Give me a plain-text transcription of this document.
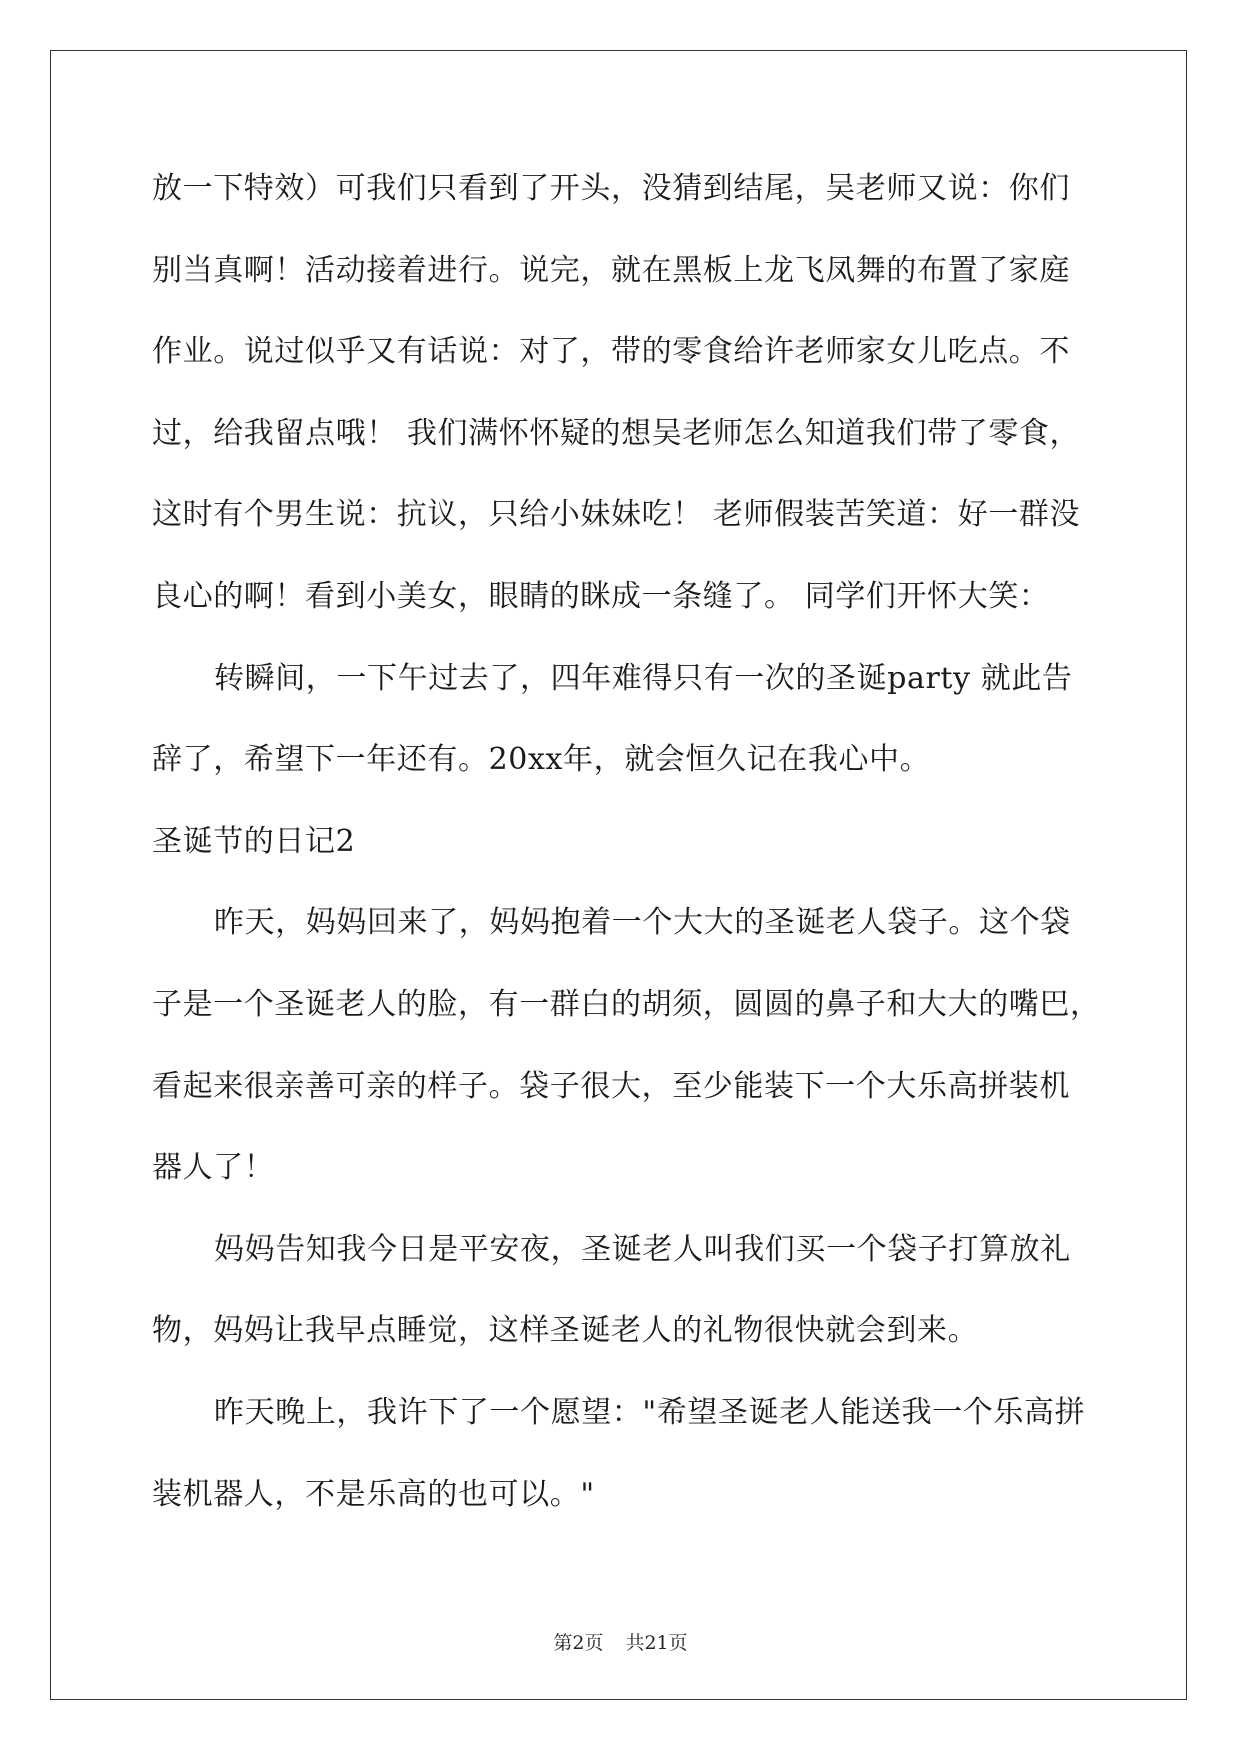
放一下特效）可我们只看到了开头，没猜到结尾，吴老师又说：你们
别当真啊！活动接着进行。说完，就在黑板上龙飞凤舞的布置了家庭
作业。说过似乎又有话说：对了，带的零食给许老师家女儿吃点。不
过，给我留点哦！ 我们满怀怀疑的想吴老师怎么知道我们带了零食，
这时有个男生说：抗议，只给小妹妹吃！ 老师假装苦笑道：好一群没
良心的啊！看到小美女，眼睛的眯成一条缝了。 同学们开怀大笑：
转瞬间，一下午过去了，四年难得只有一次的圣诞party 就此告
辞了，希望下一年还有。20xx年，就会恒久记在我心中。
圣诞节的日记2
昨天，妈妈回来了，妈妈抱着一个大大的圣诞老人袋子。这个袋
子是一个圣诞老人的脸，有一群白的胡须，圆圆的鼻子和大大的嘴巴，
看起来很亲善可亲的样子。袋子很大，至少能装下一个大乐高拼装机
器人了！
妈妈告知我今日是平安夜，圣诞老人叫我们买一个袋子打算放礼
物，妈妈让我早点睡觉，这样圣诞老人的礼物很快就会到来。
昨天晚上，我许下了一个愿望："希望圣诞老人能送我一个乐高拼
装机器人，不是乐高的也可以。"
第2页 共21页
